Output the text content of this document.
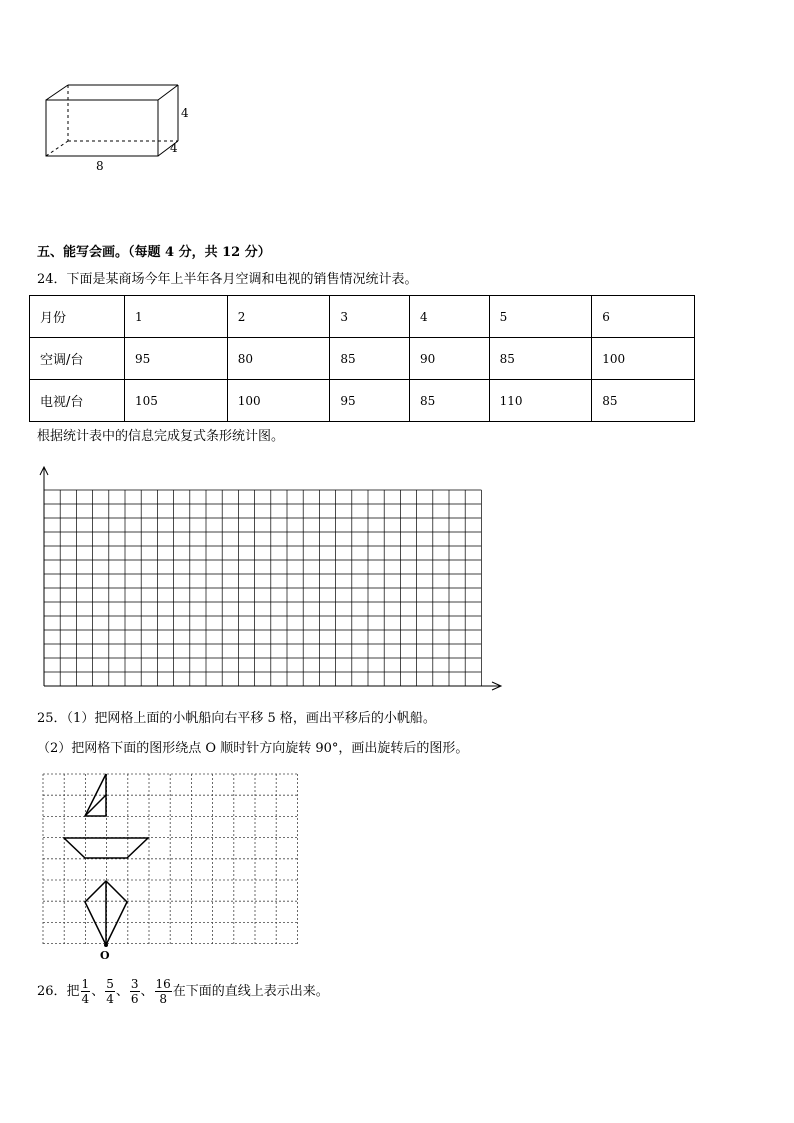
4
4
8
五、能写会画。（每题 4 分，共 12 分）
24．下面是某商场今年上半年各月空调和电视的销售情况统计表。
月份	1	2	3	4	5	6
空调/台	95	80	85	90	85	100
电视/台	105	100	95	85	110	85
根据统计表中的信息完成复式条形统计图。
25．（1）把网格上面的小帆船向右平移 5 格，画出平移后的小帆船。
（2）把网格下面的图形绕点 O 顺时针方向旋转 90°，画出旋转后的图形。
O
26．把 $\frac{1}{4}$ 、 $\frac{5}{4}$ 、 $\frac{3}{6}$ 、 $\frac{16}{8}$ 在下面的直线上表示出来。
